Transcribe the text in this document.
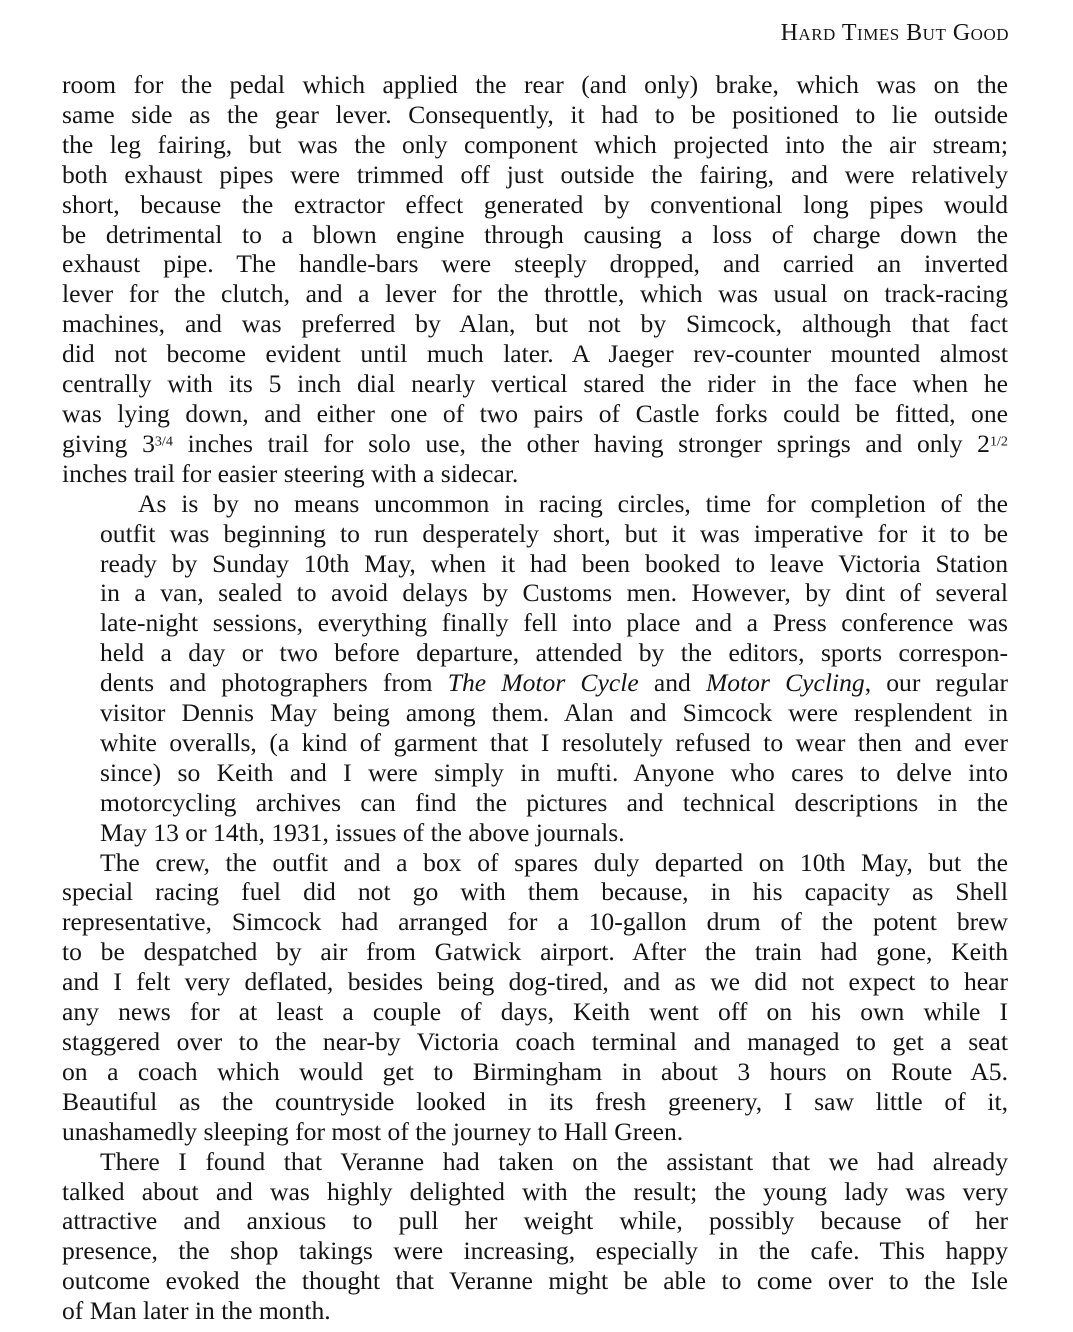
Hard Times But Good

room for the pedal which applied the rear (and only) brake, which was on the
same side as the gear lever. Consequently, it had to be positioned to lie outside
the leg fairing, but was the only component which projected into the air stream;
both exhaust pipes were trimmed off just outside the fairing, and were relatively
short, because the extractor effect generated by conventional long pipes would
be detrimental to a blown engine through causing a loss of charge down the
exhaust pipe. The handle-bars were steeply dropped, and carried an inverted
lever for the clutch, and a lever for the throttle, which was usual on track-racing
machines, and was preferred by Alan, but not by Simcock, although that fact
did not become evident until much later. A Jaeger rev-counter mounted almost
centrally with its 5 inch dial nearly vertical stared the rider in the face when he
was lying down, and either one of two pairs of Castle forks could be fitted, one
giving $3^{3/4}$ inches trail for solo use, the other having stronger springs and only $2^{1/2}$
inches trail for easier steering with a sidecar.

As is by no means uncommon in racing circles, time for completion of the
outfit was beginning to run desperately short, but it was imperative for it to be
ready by Sunday 10th May, when it had been booked to leave Victoria Station
in a van, sealed to avoid delays by Customs men. However, by dint of several
late-night sessions, everything finally fell into place and a Press conference was
held a day or two before departure, attended by the editors, sports correspon-
dents and photographers from The Motor Cycle and Motor Cycling, our regular
visitor Dennis May being among them. Alan and Simcock were resplendent in
white overalls, (a kind of garment that I resolutely refused to wear then and ever
since) so Keith and I were simply in mufti. Anyone who cares to delve into
motorcycling archives can find the pictures and technical descriptions in the
May 13 or 14th, 1931, issues of the above journals.

The crew, the outfit and a box of spares duly departed on 10th May, but the
special racing fuel did not go with them because, in his capacity as Shell
representative, Simcock had arranged for a 10-gallon drum of the potent brew
to be despatched by air from Gatwick airport. After the train had gone, Keith
and I felt very deflated, besides being dog-tired, and as we did not expect to hear
any news for at least a couple of days, Keith went off on his own while I
staggered over to the near-by Victoria coach terminal and managed to get a seat
on a coach which would get to Birmingham in about 3 hours on Route A5.
Beautiful as the countryside looked in its fresh greenery, I saw little of it,
unashamedly sleeping for most of the journey to Hall Green.

There I found that Veranne had taken on the assistant that we had already
talked about and was highly delighted with the result; the young lady was very
attractive and anxious to pull her weight while, possibly because of her
presence, the shop takings were increasing, especially in the cafe. This happy
outcome evoked the thought that Veranne might be able to come over to the Isle
of Man later in the month.
